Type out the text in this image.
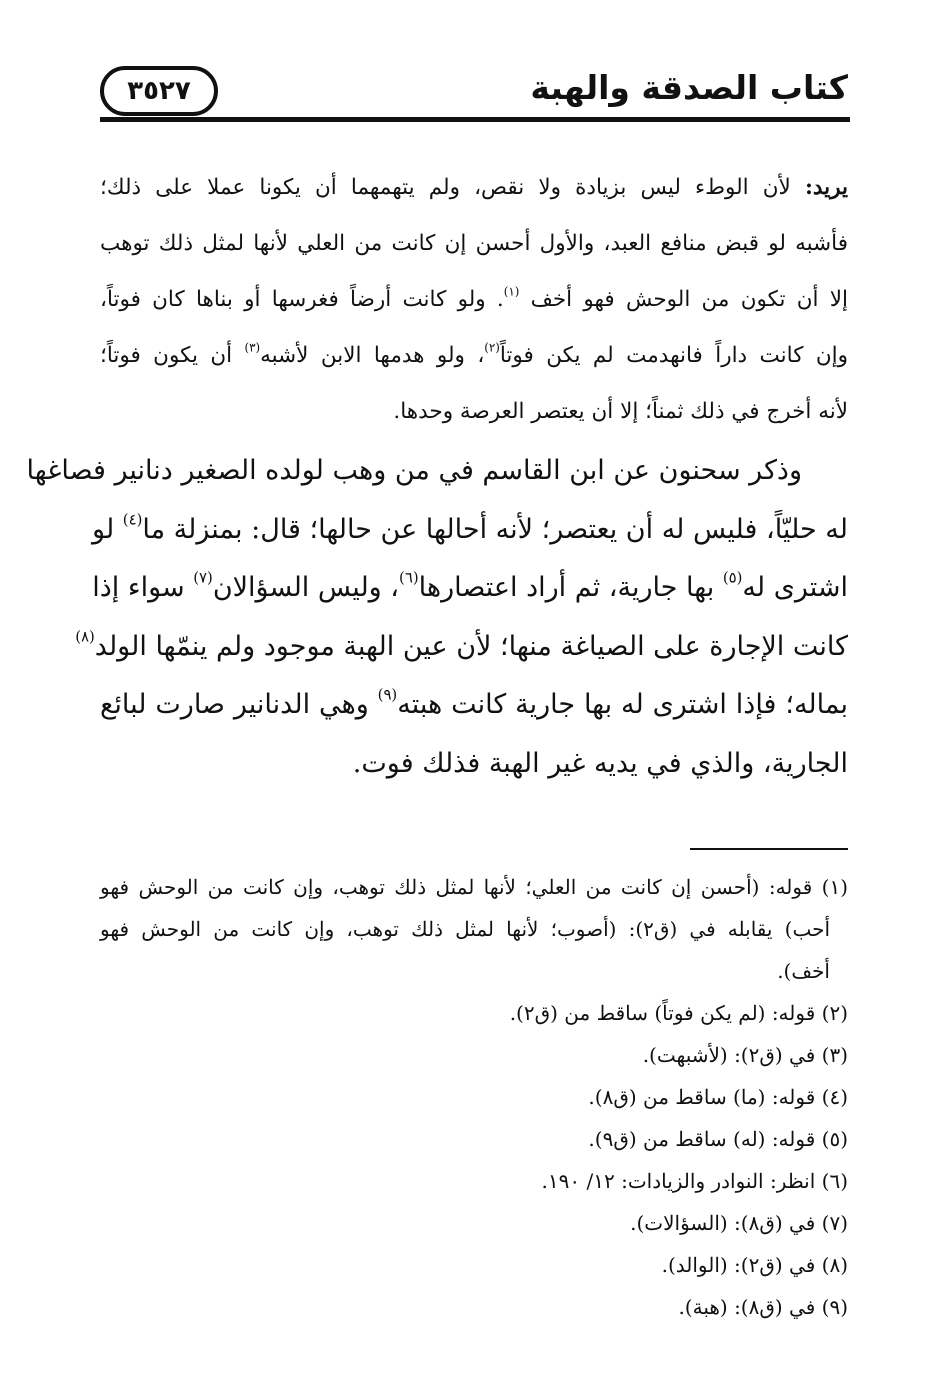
كتاب الصدقة والهبة
٣٥٢٧
يريد: لأن الوطء ليس بزيادة ولا نقص، ولم يتهمهما أن يكونا عملا على ذلك؛
فأشبه لو قبض منافع العبد، والأول أحسن إن كانت من العلي لأنها لمثل ذلك توهب
إلا أن تكون من الوحش فهو أخف $^{(١)}$. ولو كانت أرضاً فغرسها أو بناها كان فوتاً،
وإن كانت داراً فانهدمت لم يكن فوتاً$^{(٢)}$، ولو هدمها الابن لأشبه$^{(٣)}$ أن يكون فوتاً؛
لأنه أخرج في ذلك ثمناً؛ إلا أن يعتصر العرصة وحدها.
وذكر سحنون عن ابن القاسم في من وهب لولده الصغير دنانير فصاغها
له حليّاً، فليس له أن يعتصر؛ لأنه أحالها عن حالها؛ قال: بمنزلة ما$^{(٤)}$ لو
اشترى له$^{(٥)}$ بها جارية، ثم أراد اعتصارها$^{(٦)}$، وليس السؤالان$^{(٧)}$ سواء إذا
كانت الإجارة على الصياغة منها؛ لأن عين الهبة موجود ولم ينمّها الولد$^{(٨)}$
بماله؛ فإذا اشترى له بها جارية كانت هبته$^{(٩)}$ وهي الدنانير صارت لبائع
الجارية، والذي في يديه غير الهبة فذلك فوت.
(١) قوله: (أحسن إن كانت من العلي؛ لأنها لمثل ذلك توهب، وإن كانت من الوحش فهو
أحب) يقابله في (ق٢): (أصوب؛ لأنها لمثل ذلك توهب، وإن كانت من الوحش فهو
أخف).
(٢) قوله: (لم يكن فوتاً) ساقط من (ق٢).
(٣) في (ق٢): (لأشبهت).
(٤) قوله: (ما) ساقط من (ق٨).
(٥) قوله: (له) ساقط من (ق٩).
(٦) انظر: النوادر والزيادات: ١٢/ ١٩٠.
(٧) في (ق٨): (السؤالات).
(٨) في (ق٢): (الوالد).
(٩) في (ق٨): (هبة).
